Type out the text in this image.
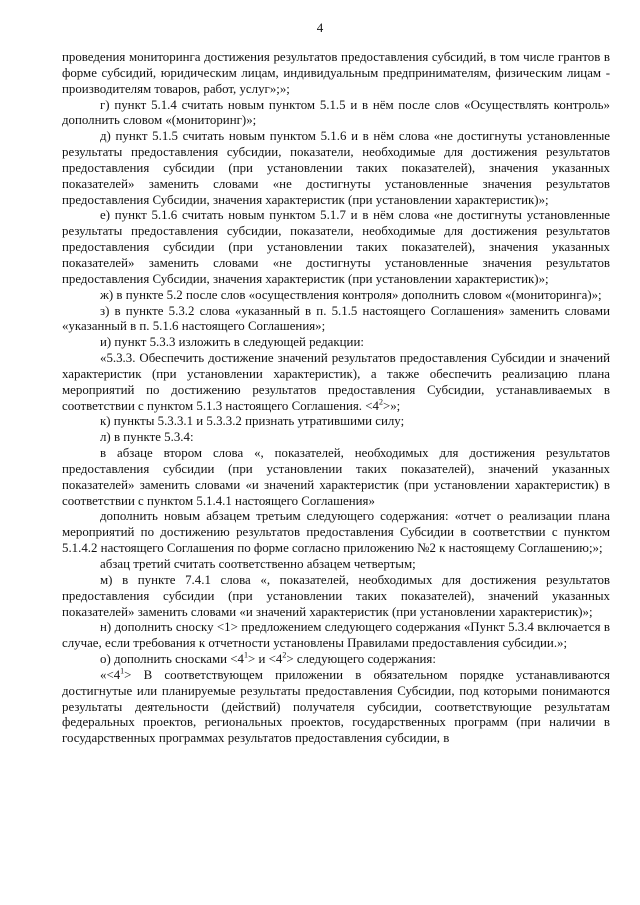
4

проведения мониторинга достижения результатов предоставления субсидий, в том числе грантов в форме субсидий, юридическим лицам, индивидуальным предпринимателям, физическим лицам - производителям товаров, работ, услуг»;»;

г) пункт 5.1.4 считать новым пунктом 5.1.5 и в нём после слов «Осуществлять контроль» дополнить словом «(мониторинг)»;

д) пункт 5.1.5 считать новым пунктом 5.1.6 и в нём слова «не достигнуты установленные результаты предоставления субсидии, показатели, необходимые для достижения результатов предоставления субсидии (при установлении таких показателей), значения указанных показателей» заменить словами «не достигнуты установленные значения результатов предоставления Субсидии, значения характеристик (при установлении характеристик)»;

е) пункт 5.1.6 считать новым пунктом 5.1.7 и в нём слова «не достигнуты установленные результаты предоставления субсидии, показатели, необходимые для достижения результатов предоставления субсидии (при установлении таких показателей), значения указанных показателей» заменить словами «не достигнуты установленные значения результатов предоставления Субсидии, значения характеристик (при установлении характеристик)»;

ж) в пункте 5.2 после слов «осуществления контроля» дополнить словом «(мониторинга)»;

з) в пункте 5.3.2 слова «указанный в п. 5.1.5 настоящего Соглашения» заменить словами «указанный в п. 5.1.6 настоящего Соглашения»;

и) пункт 5.3.3 изложить в следующей редакции:

«5.3.3. Обеспечить достижение значений результатов предоставления Субсидии и значений характеристик (при установлении характеристик), а также обеспечить реализацию плана мероприятий по достижению результатов предоставления Субсидии, устанавливаемых в соответствии с пунктом 5.1.3 настоящего Соглашения. $<4^2>$»;

к) пункты 5.3.3.1 и 5.3.3.2 признать утратившими силу;

л) в пункте 5.3.4:

в абзаце втором слова «, показателей, необходимых для достижения результатов предоставления субсидии (при установлении таких показателей), значений указанных показателей» заменить словами «и значений характеристик (при установлении характеристик) в соответствии с пунктом 5.1.4.1 настоящего Соглашения»

дополнить новым абзацем третьим следующего содержания: «отчет о реализации плана мероприятий по достижению результатов предоставления Субсидии в соответствии с пунктом 5.1.4.2 настоящего Соглашения по форме согласно приложению №2 к настоящему Соглашению;»;

абзац третий считать соответственно абзацем четвертым;

м) в пункте 7.4.1 слова «, показателей, необходимых для достижения результатов предоставления субсидии (при установлении таких показателей), значений указанных показателей» заменить словами «и значений характеристик (при установлении характеристик)»;

н) дополнить сноску <1> предложением следующего содержания «Пункт 5.3.4 включается в случае, если требования к отчетности установлены Правилами предоставления субсидии.»;

о) дополнить сносками $<4^1> и <4^2>$ следующего содержания:

«$<4^1> В$ соответствующем приложении в обязательном порядке устанавливаются достигнутые или планируемые результаты предоставления Субсидии, под которыми понимаются результаты деятельности (действий) получателя субсидии, соответствующие результатам федеральных проектов, региональных проектов, государственных программ (при наличии в государственных программах результатов предоставления субсидии, в
